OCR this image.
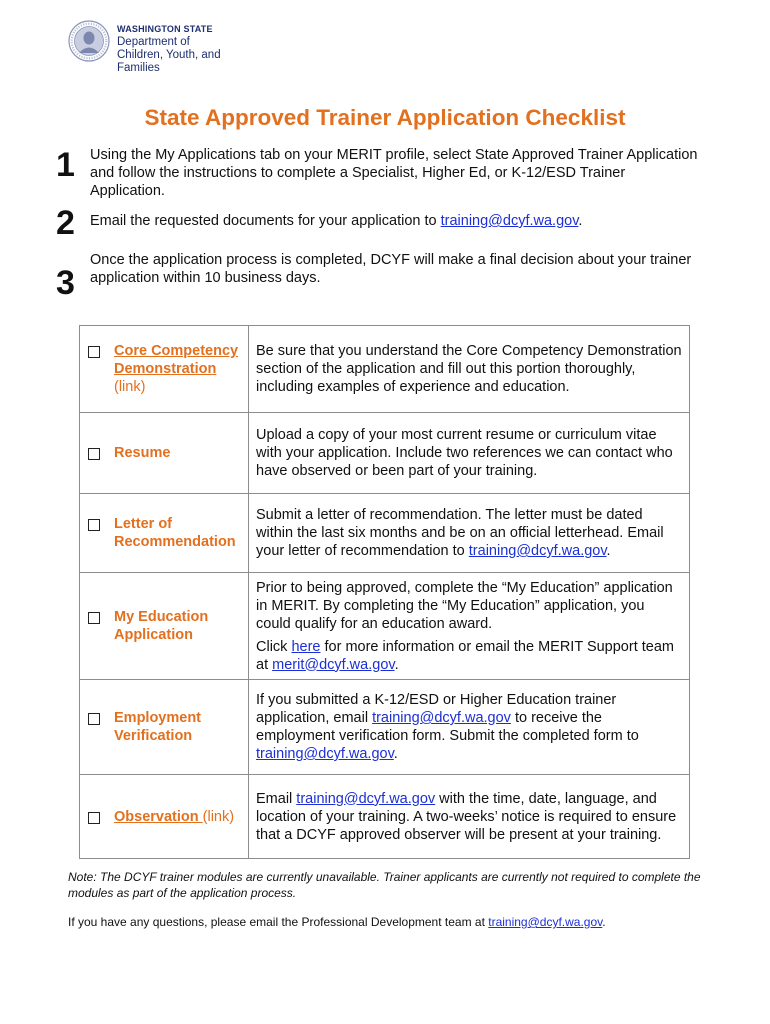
WASHINGTON STATE
Department of
Children, Youth, and Families
State Approved Trainer Application Checklist
1 Using the My Applications tab on your MERIT profile, select State Approved Trainer Application and follow the instructions to complete a Specialist, Higher Ed, or K-12/ESD Trainer Application.
2 Email the requested documents for your application to training@dcyf.wa.gov.
3
Once the application process is completed, DCYF will make a final decision about your trainer application within 10 business days.
Core Competency Demonstration
(link)	Be sure that you understand the Core Competency Demonstration section of the application and fill out this portion thoroughly, including examples of experience and education.

Resume	Upload a copy of your most current resume or curriculum vitae with your application. Include two references we can contact who have observed or been part of your training.

Letter of Recommendation	Submit a letter of recommendation. The letter must be dated within the last six months and be on an official letterhead. Email your letter of recommendation to training@dcyf.wa.gov.

My Education Application	Prior to being approved, complete the “My Education” application in MERIT. By completing the “My Education” application, you could qualify for an education award.

Click here for more information or email the MERIT Support team at merit@dcyf.wa.gov.

Employment Verification	If you submitted a K-12/ESD or Higher Education trainer application, email training@dcyf.wa.gov to receive the employment verification form. Submit the completed form to training@dcyf.wa.gov.

Observation (link)	Email training@dcyf.wa.gov with the time, date, language, and location of your training. A two-weeks’ notice is required to ensure that a DCYF approved observer will be present at your training.
Note: The DCYF trainer modules are currently unavailable. Trainer applicants are currently not required to complete the modules as part of the application process.
If you have any questions, please email the Professional Development team at training@dcyf.wa.gov.
